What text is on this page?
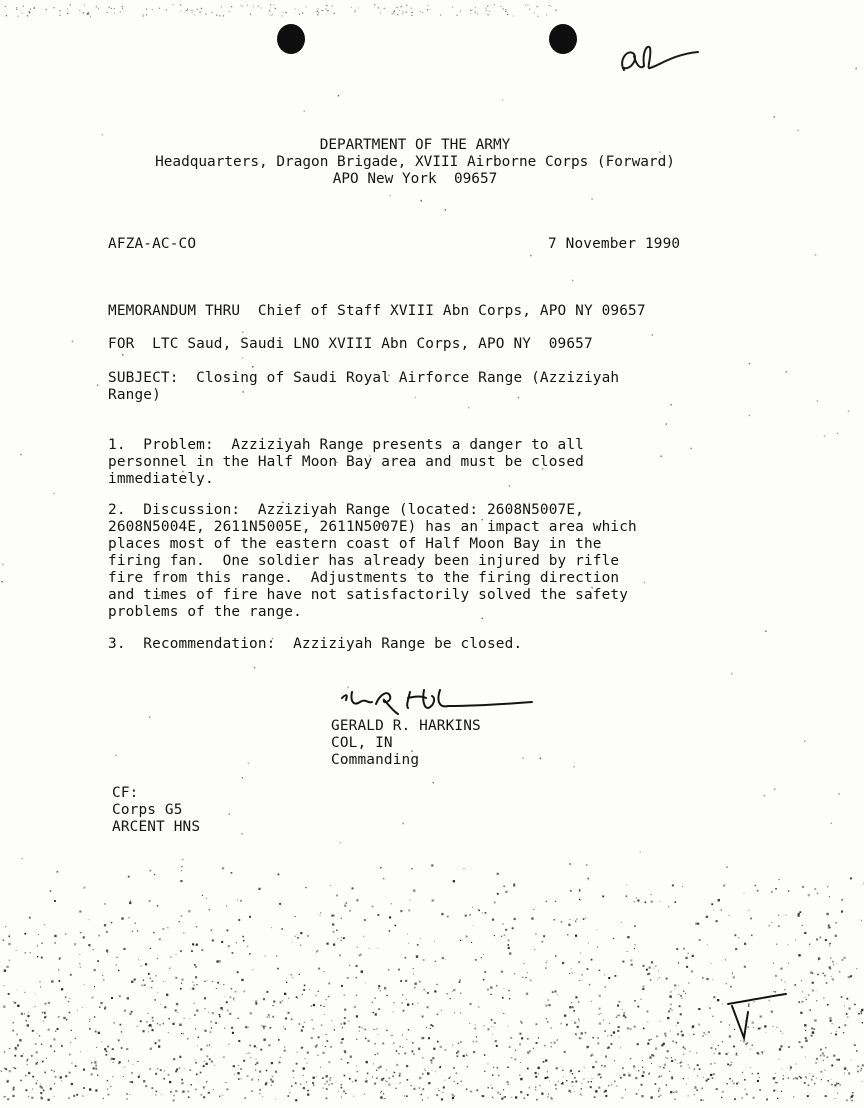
DEPARTMENT OF THE ARMY
Headquarters, Dragon Brigade, XVIII Airborne Corps (Forward)
APO New York  09657
AFZA-AC-CO	7 November 1990
MEMORANDUM THRU  Chief of Staff XVIII Abn Corps, APO NY 09657
FOR  LTC Saud, Saudi LNO XVIII Abn Corps, APO NY  09657
SUBJECT:  Closing of Saudi Royal Airforce Range (Azziziyah
Range)
1.  Problem:  Azziziyah Range presents a danger to all
personnel in the Half Moon Bay area and must be closed
immediately.
2.  Discussion:  Azziziyah Range (located: 2608N5007E,
2608N5004E, 2611N5005E, 2611N5007E) has an impact area which
places most of the eastern coast of Half Moon Bay in the
firing fan.  One soldier has already been injured by rifle
fire from this range.  Adjustments to the firing direction
and times of fire have not satisfactorily solved the safety
problems of the range.
3.  Recommendation:  Azziziyah Range be closed.
GERALD R. HARKINS
COL, IN
Commanding
CF:
Corps G5
ARCENT HNS
